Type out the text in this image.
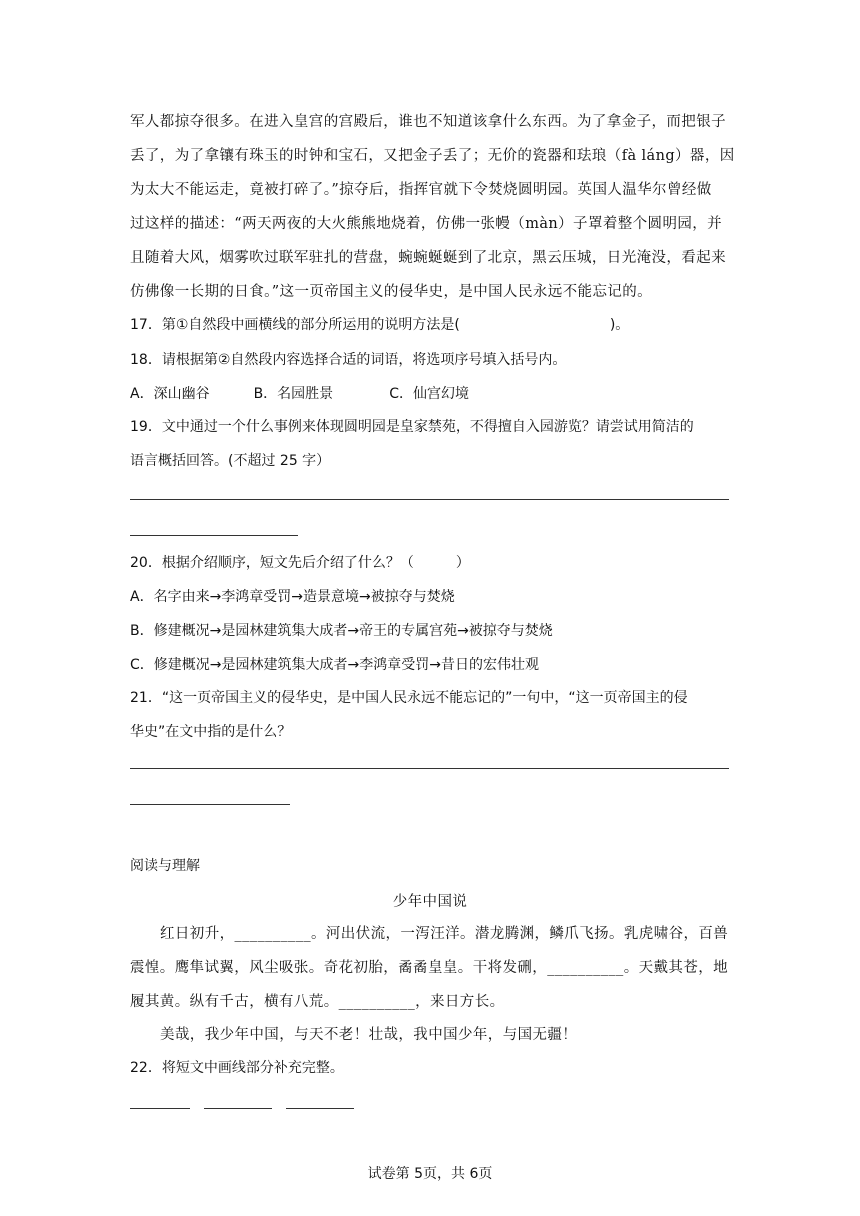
军人都掠夺很多。在进入皇宫的宫殿后，谁也不知道该拿什么东西。为了拿金子，而把银子
丢了，为了拿镶有珠玉的时钟和宝石，又把金子丢了；无价的瓷器和珐琅（fà láng）器，因
为太大不能运走，竟被打碎了。”掠夺后，指挥官就下令焚烧圆明园。英国人温华尔曾经做
过这样的描述：“两天两夜的大火熊熊地烧着，仿佛一张幔（màn）子罩着整个圆明园，并
且随着大风，烟雾吹过联军驻扎的营盘，蜿蜿蜒蜒到了北京，黑云压城，日光淹没，看起来
仿佛像一长期的日食。”这一页帝国主义的侵华史，是中国人民永远不能忘记的。
17．第①自然段中画横线的部分所运用的说明方法是(	)。
18．请根据第②自然段内容选择合适的词语，将选项序号填入括号内。
A．深山幽谷	B．名园胜景	C．仙宫幻境
19．文中通过一个什么事例来体现圆明园是皇家禁苑，不得擅自入园游览？请尝试用简洁的
语言概括回答。(不超过 25 字）
20．根据介绍顺序，短文先后介绍了什么？（　　　）
A．名字由来→李鸿章受罚→造景意境→被掠夺与焚烧
B．修建概况→是园林建筑集大成者→帝王的专属宫苑→被掠夺与焚烧
C．修建概况→是园林建筑集大成者→李鸿章受罚→昔日的宏伟壮观
21．“这一页帝国主义的侵华史，是中国人民永远不能忘记的”一句中，“这一页帝国主的侵
华史”在文中指的是什么？
阅读与理解
少年中国说
红日初升，__________。河出伏流，一泻汪洋。潜龙腾渊，鳞爪飞扬。乳虎啸谷，百兽
震惶。鹰隼试翼，风尘吸张。奇花初胎，矞矞皇皇。干将发硎，__________。天戴其苍，地
履其黄。纵有千古，横有八荒。__________，来日方长。
美哉，我少年中国，与天不老！壮哉，我中国少年，与国无疆！
22．将短文中画线部分补充完整。
试卷第 5页，共 6页
